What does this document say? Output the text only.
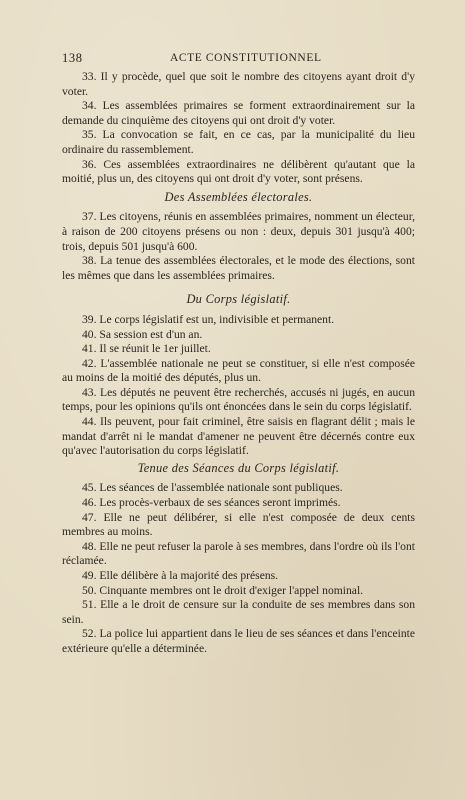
138	ACTE CONSTITUTIONNEL

33. Il y procède, quel que soit le nombre des citoyens ayant droit d'y voter.

34. Les assemblées primaires se forment extraordinairement sur la demande du cinquième des citoyens qui ont droit d'y voter.

35. La convocation se fait, en ce cas, par la municipalité du lieu ordinaire du rassemblement.

36. Ces assemblées extraordinaires ne délibèrent qu'autant que la moitié, plus un, des citoyens qui ont droit d'y voter, sont présens.

Des Assemblées électorales.

37. Les citoyens, réunis en assemblées primaires, nomment un électeur, à raison de 200 citoyens présens ou non : deux, depuis 301 jusqu'à 400; trois, depuis 501 jusqu'à 600.

38. La tenue des assemblées électorales, et le mode des élections, sont les mêmes que dans les assemblées primaires.

Du Corps législatif.

39. Le corps législatif est un, indivisible et permanent.

40. Sa session est d'un an.

41. Il se réunit le 1er juillet.

42. L'assemblée nationale ne peut se constituer, si elle n'est composée au moins de la moitié des députés, plus un.

43. Les députés ne peuvent être recherchés, accusés ni jugés, en aucun temps, pour les opinions qu'ils ont énoncées dans le sein du corps législatif.

44. Ils peuvent, pour fait criminel, être saisis en flagrant délit ; mais le mandat d'arrêt ni le mandat d'amener ne peuvent être décernés contre eux qu'avec l'autorisation du corps législatif.

Tenue des Séances du Corps législatif.

45. Les séances de l'assemblée nationale sont publiques.

46. Les procès-verbaux de ses séances seront imprimés.

47. Elle ne peut délibérer, si elle n'est composée de deux cents membres au moins.

48. Elle ne peut refuser la parole à ses membres, dans l'ordre où ils l'ont réclamée.

49. Elle délibère à la majorité des présens.

50. Cinquante membres ont le droit d'exiger l'appel nominal.

51. Elle a le droit de censure sur la conduite de ses membres dans son sein.

52. La police lui appartient dans le lieu de ses séances et dans l'enceinte extérieure qu'elle a déterminée.
